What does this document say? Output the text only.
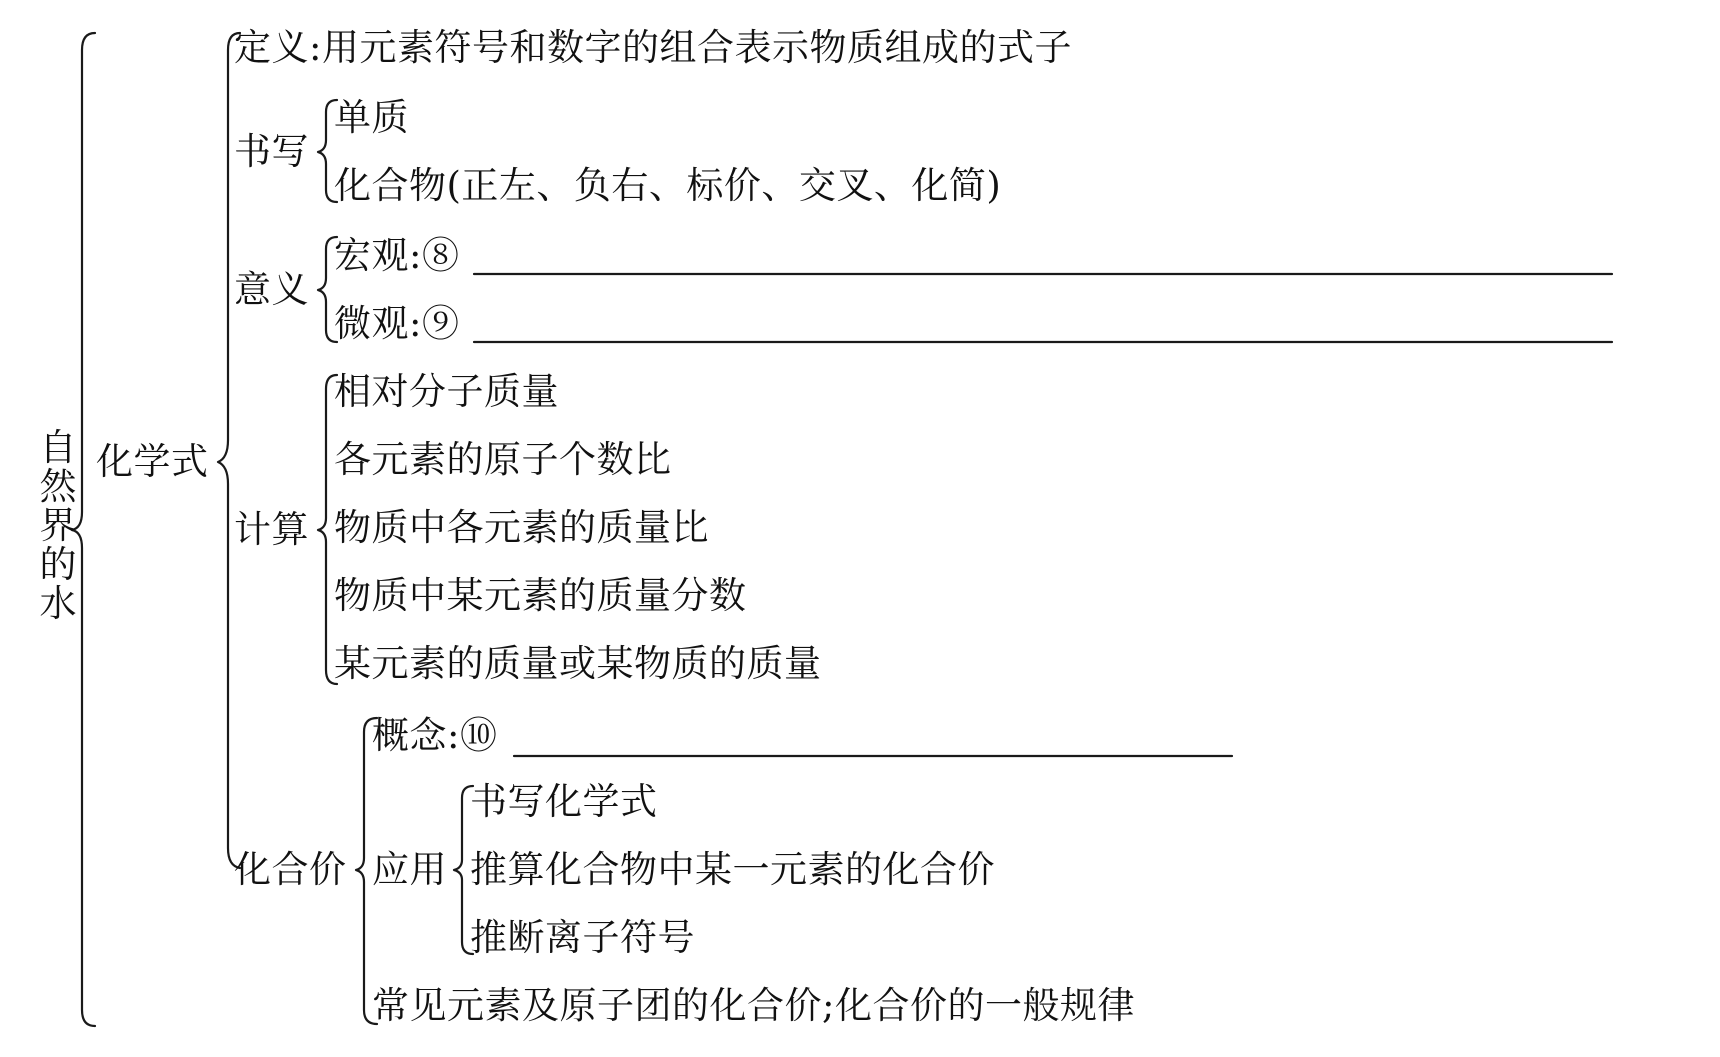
自
然
界
的
水
化学式
定义:用元素符号和数字的组合表示物质组成的式子
书写
单质
化合物(正左、负右、标价、交叉、化简)
意义
宏观:⑧
微观:⑨
计算
相对分子质量
各元素的原子个数比
物质中各元素的质量比
物质中某元素的质量分数
某元素的质量或某物质的质量
化合价
概念:⑩
应用
书写化学式
推算化合物中某一元素的化合价
推断离子符号
常见元素及原子团的化合价;化合价的一般规律
